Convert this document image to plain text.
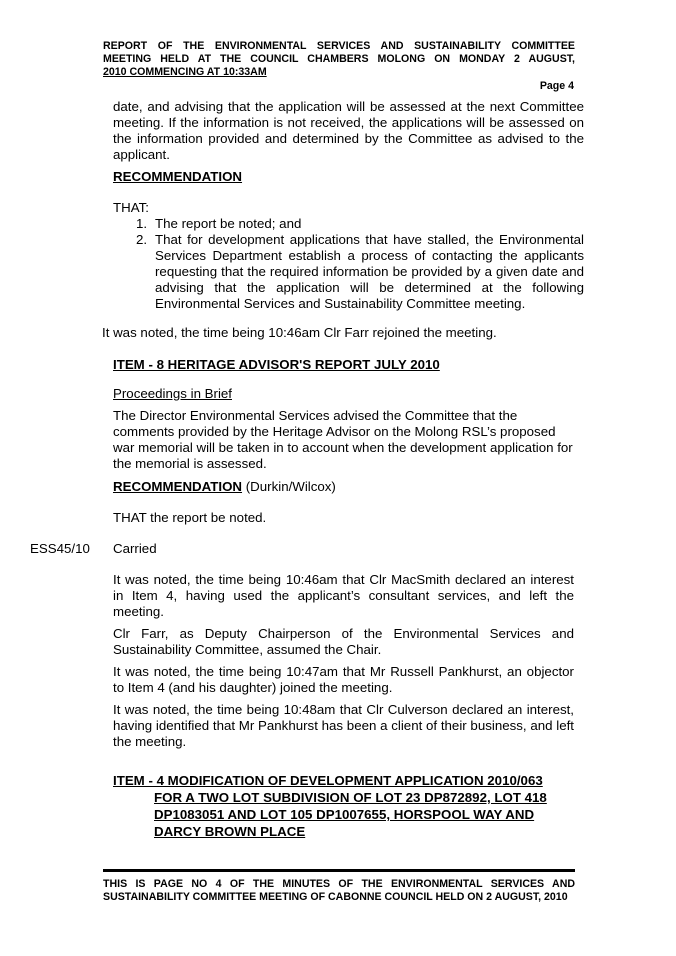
REPORT OF THE ENVIRONMENTAL SERVICES AND SUSTAINABILITY COMMITTEE
MEETING HELD AT THE COUNCIL CHAMBERS MOLONG ON MONDAY 2 AUGUST,
2010 COMMENCING AT 10:33AM
Page 4
date, and advising that the application will be assessed at the next Committee meeting. If the information is not received, the applications will be assessed on the information provided and determined by the Committee as advised to the applicant.
RECOMMENDATION
THAT:
1. The report be noted; and
2. That for development applications that have stalled, the Environmental Services Department establish a process of contacting the applicants requesting that the required information be provided by a given date and advising that the application will be determined at the following Environmental Services and Sustainability Committee meeting.
It was noted, the time being 10:46am Clr Farr rejoined the meeting.
ITEM - 8 HERITAGE ADVISOR'S REPORT JULY 2010
Proceedings in Brief
The Director Environmental Services advised the Committee that the comments provided by the Heritage Advisor on the Molong RSL’s proposed war memorial will be taken in to account when the development application for the memorial is assessed.
RECOMMENDATION (Durkin/Wilcox)
THAT the report be noted.
ESS45/10 Carried
It was noted, the time being 10:46am that Clr MacSmith declared an interest in Item 4, having used the applicant’s consultant services, and left the meeting.
Clr Farr, as Deputy Chairperson of the Environmental Services and Sustainability Committee, assumed the Chair.
It was noted, the time being 10:47am that Mr Russell Pankhurst, an objector to Item 4 (and his daughter) joined the meeting.
It was noted, the time being 10:48am that Clr Culverson declared an interest, having identified that Mr Pankhurst has been a client of their business, and left the meeting.
ITEM - 4 MODIFICATION OF DEVELOPMENT APPLICATION 2010/063
FOR A TWO LOT SUBDIVISION OF LOT 23 DP872892, LOT 418
DP1083051 AND LOT 105 DP1007655, HORSPOOL WAY AND
DARCY BROWN PLACE
THIS IS PAGE NO 4 OF THE MINUTES OF THE ENVIRONMENTAL SERVICES AND SUSTAINABILITY COMMITTEE MEETING OF CABONNE COUNCIL HELD ON 2 AUGUST, 2010
